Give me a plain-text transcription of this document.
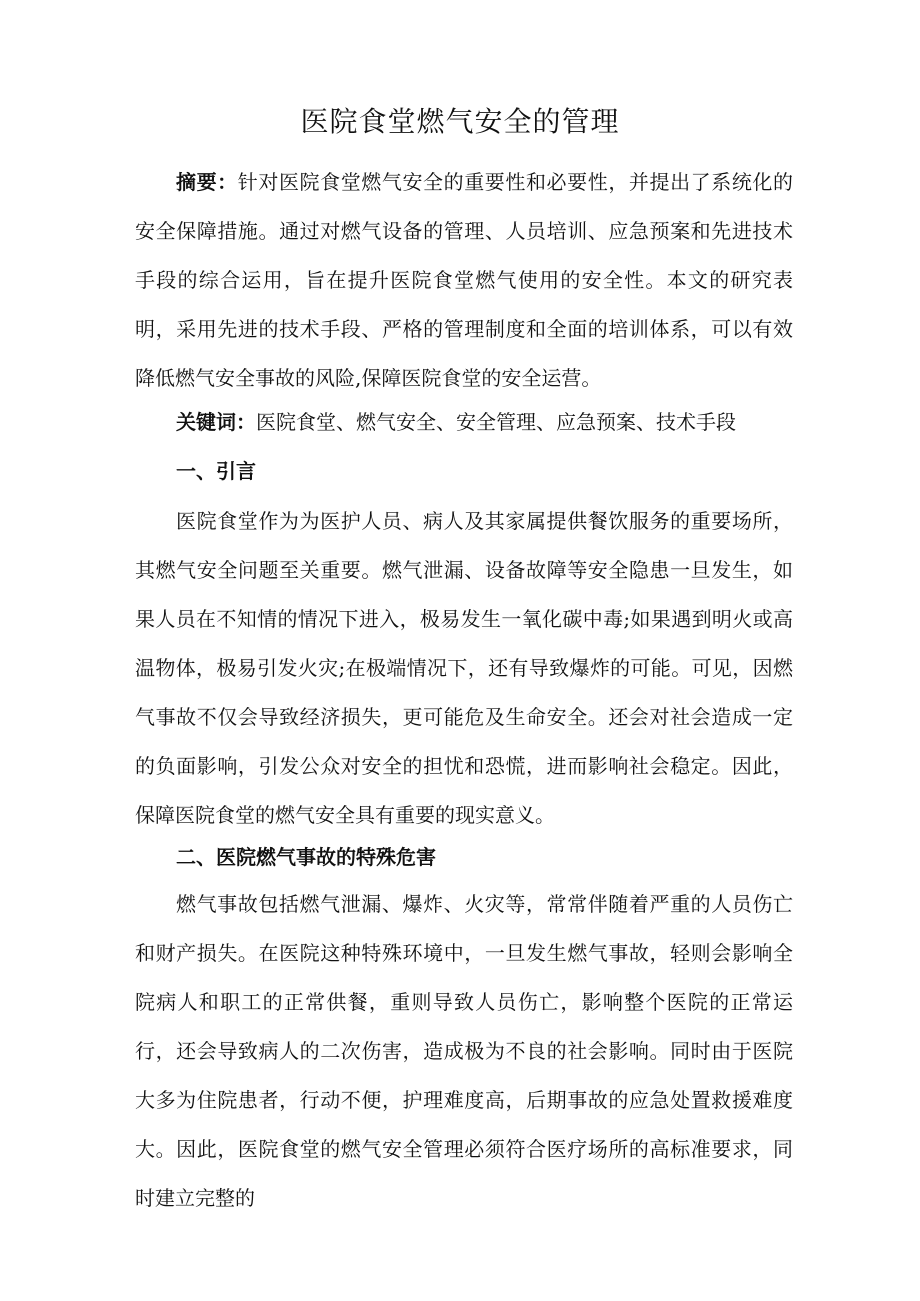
医院食堂燃气安全的管理

摘要：针对医院食堂燃气安全的重要性和必要性，并提出了系统化的安全保障措施。通过对燃气设备的管理、人员培训、应急预案和先进技术手段的综合运用，旨在提升医院食堂燃气使用的安全性。本文的研究表明，采用先进的技术手段、严格的管理制度和全面的培训体系，可以有效降低燃气安全事故的风险,保障医院食堂的安全运营。

关键词：医院食堂、燃气安全、安全管理、应急预案、技术手段

一、引言

医院食堂作为为医护人员、病人及其家属提供餐饮服务的重要场所，其燃气安全问题至关重要。燃气泄漏、设备故障等安全隐患一旦发生，如果人员在不知情的情况下进入，极易发生一氧化碳中毒;如果遇到明火或高温物体，极易引发火灾;在极端情况下，还有导致爆炸的可能。可见，因燃气事故不仅会导致经济损失，更可能危及生命安全。还会对社会造成一定的负面影响，引发公众对安全的担忧和恐慌，进而影响社会稳定。因此，保障医院食堂的燃气安全具有重要的现实意义。

二、医院燃气事故的特殊危害

燃气事故包括燃气泄漏、爆炸、火灾等，常常伴随着严重的人员伤亡和财产损失。在医院这种特殊环境中，一旦发生燃气事故，轻则会影响全院病人和职工的正常供餐，重则导致人员伤亡，影响整个医院的正常运行，还会导致病人的二次伤害，造成极为不良的社会影响。同时由于医院大多为住院患者，行动不便，护理难度高，后期事故的应急处置救援难度大。因此，医院食堂的燃气安全管理必须符合医疗场所的高标准要求，同时建立完整的
